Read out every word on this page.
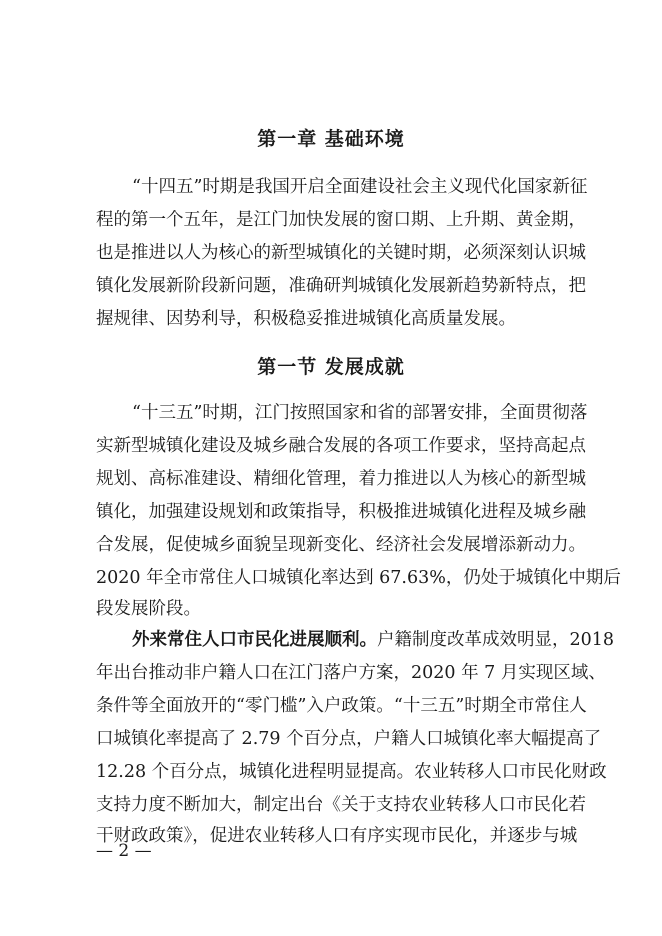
第一章 基础环境
“十四五”时期是我国开启全面建设社会主义现代化国家新征
程的第一个五年，是江门加快发展的窗口期、上升期、黄金期，
也是推进以人为核心的新型城镇化的关键时期，必须深刻认识城
镇化发展新阶段新问题，准确研判城镇化发展新趋势新特点，把
握规律、因势利导，积极稳妥推进城镇化高质量发展。
第一节 发展成就
“十三五”时期，江门按照国家和省的部署安排，全面贯彻落
实新型城镇化建设及城乡融合发展的各项工作要求，坚持高起点
规划、高标准建设、精细化管理，着力推进以人为核心的新型城
镇化，加强建设规划和政策指导，积极推进城镇化进程及城乡融
合发展，促使城乡面貌呈现新变化、经济社会发展增添新动力。
2020 年全市常住人口城镇化率达到 67.63%，仍处于城镇化中期后
段发展阶段。
外来常住人口市民化进展顺利。户籍制度改革成效明显，2018
年出台推动非户籍人口在江门落户方案，2020 年 7 月实现区域、
条件等全面放开的“零门槛”入户政策。“十三五”时期全市常住人
口城镇化率提高了 2.79 个百分点，户籍人口城镇化率大幅提高了
12.28 个百分点，城镇化进程明显提高。农业转移人口市民化财政
支持力度不断加大，制定出台《关于支持农业转移人口市民化若
干财政政策》，促进农业转移人口有序实现市民化，并逐步与城
— 2 —
